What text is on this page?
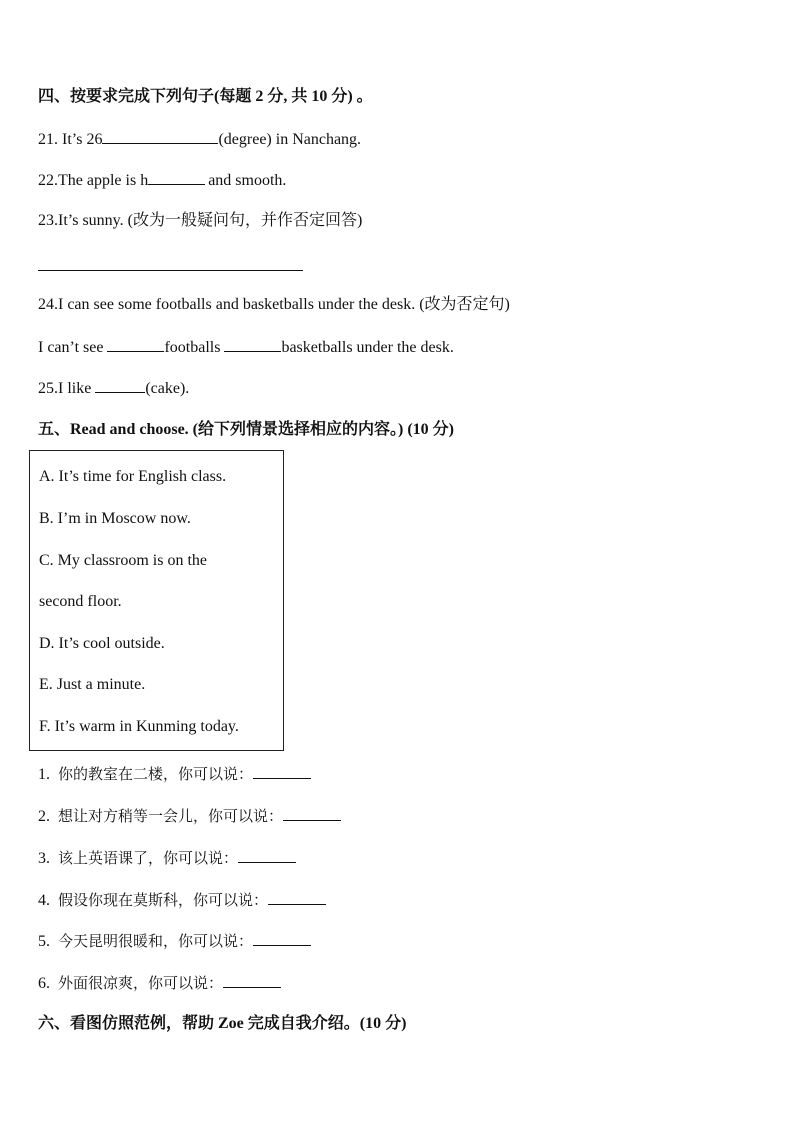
四、按要求完成下列句子(每题 2 分, 共 10 分) 。
21. It’s 26	(degree) in Nanchang.
22.The apple is h	and smooth.
23.It’s sunny. (改为一般疑问句，并作否定回答)
24.I can see some footballs and basketballs under the desk. (改为否定句)
I can’t see	footballs	basketballs under the desk.
25.I like	(cake).
五、Read and choose. (给下列情景选择相应的内容。) (10 分)
A. It’s time for English class.
B. I’m in Moscow now.
C. My classroom is on the
second floor.
D. It’s cool outside.
E. Just a minute.
F. It’s warm in Kunming today.
1. 你的教室在二楼，你可以说：
2. 想让对方稍等一会儿，你可以说：
3. 该上英语课了，你可以说：
4. 假设你现在莫斯科，你可以说：
5. 今天昆明很暖和，你可以说：
6. 外面很凉爽，你可以说：
六、看图仿照范例，帮助 Zoe 完成自我介绍。(10 分)
